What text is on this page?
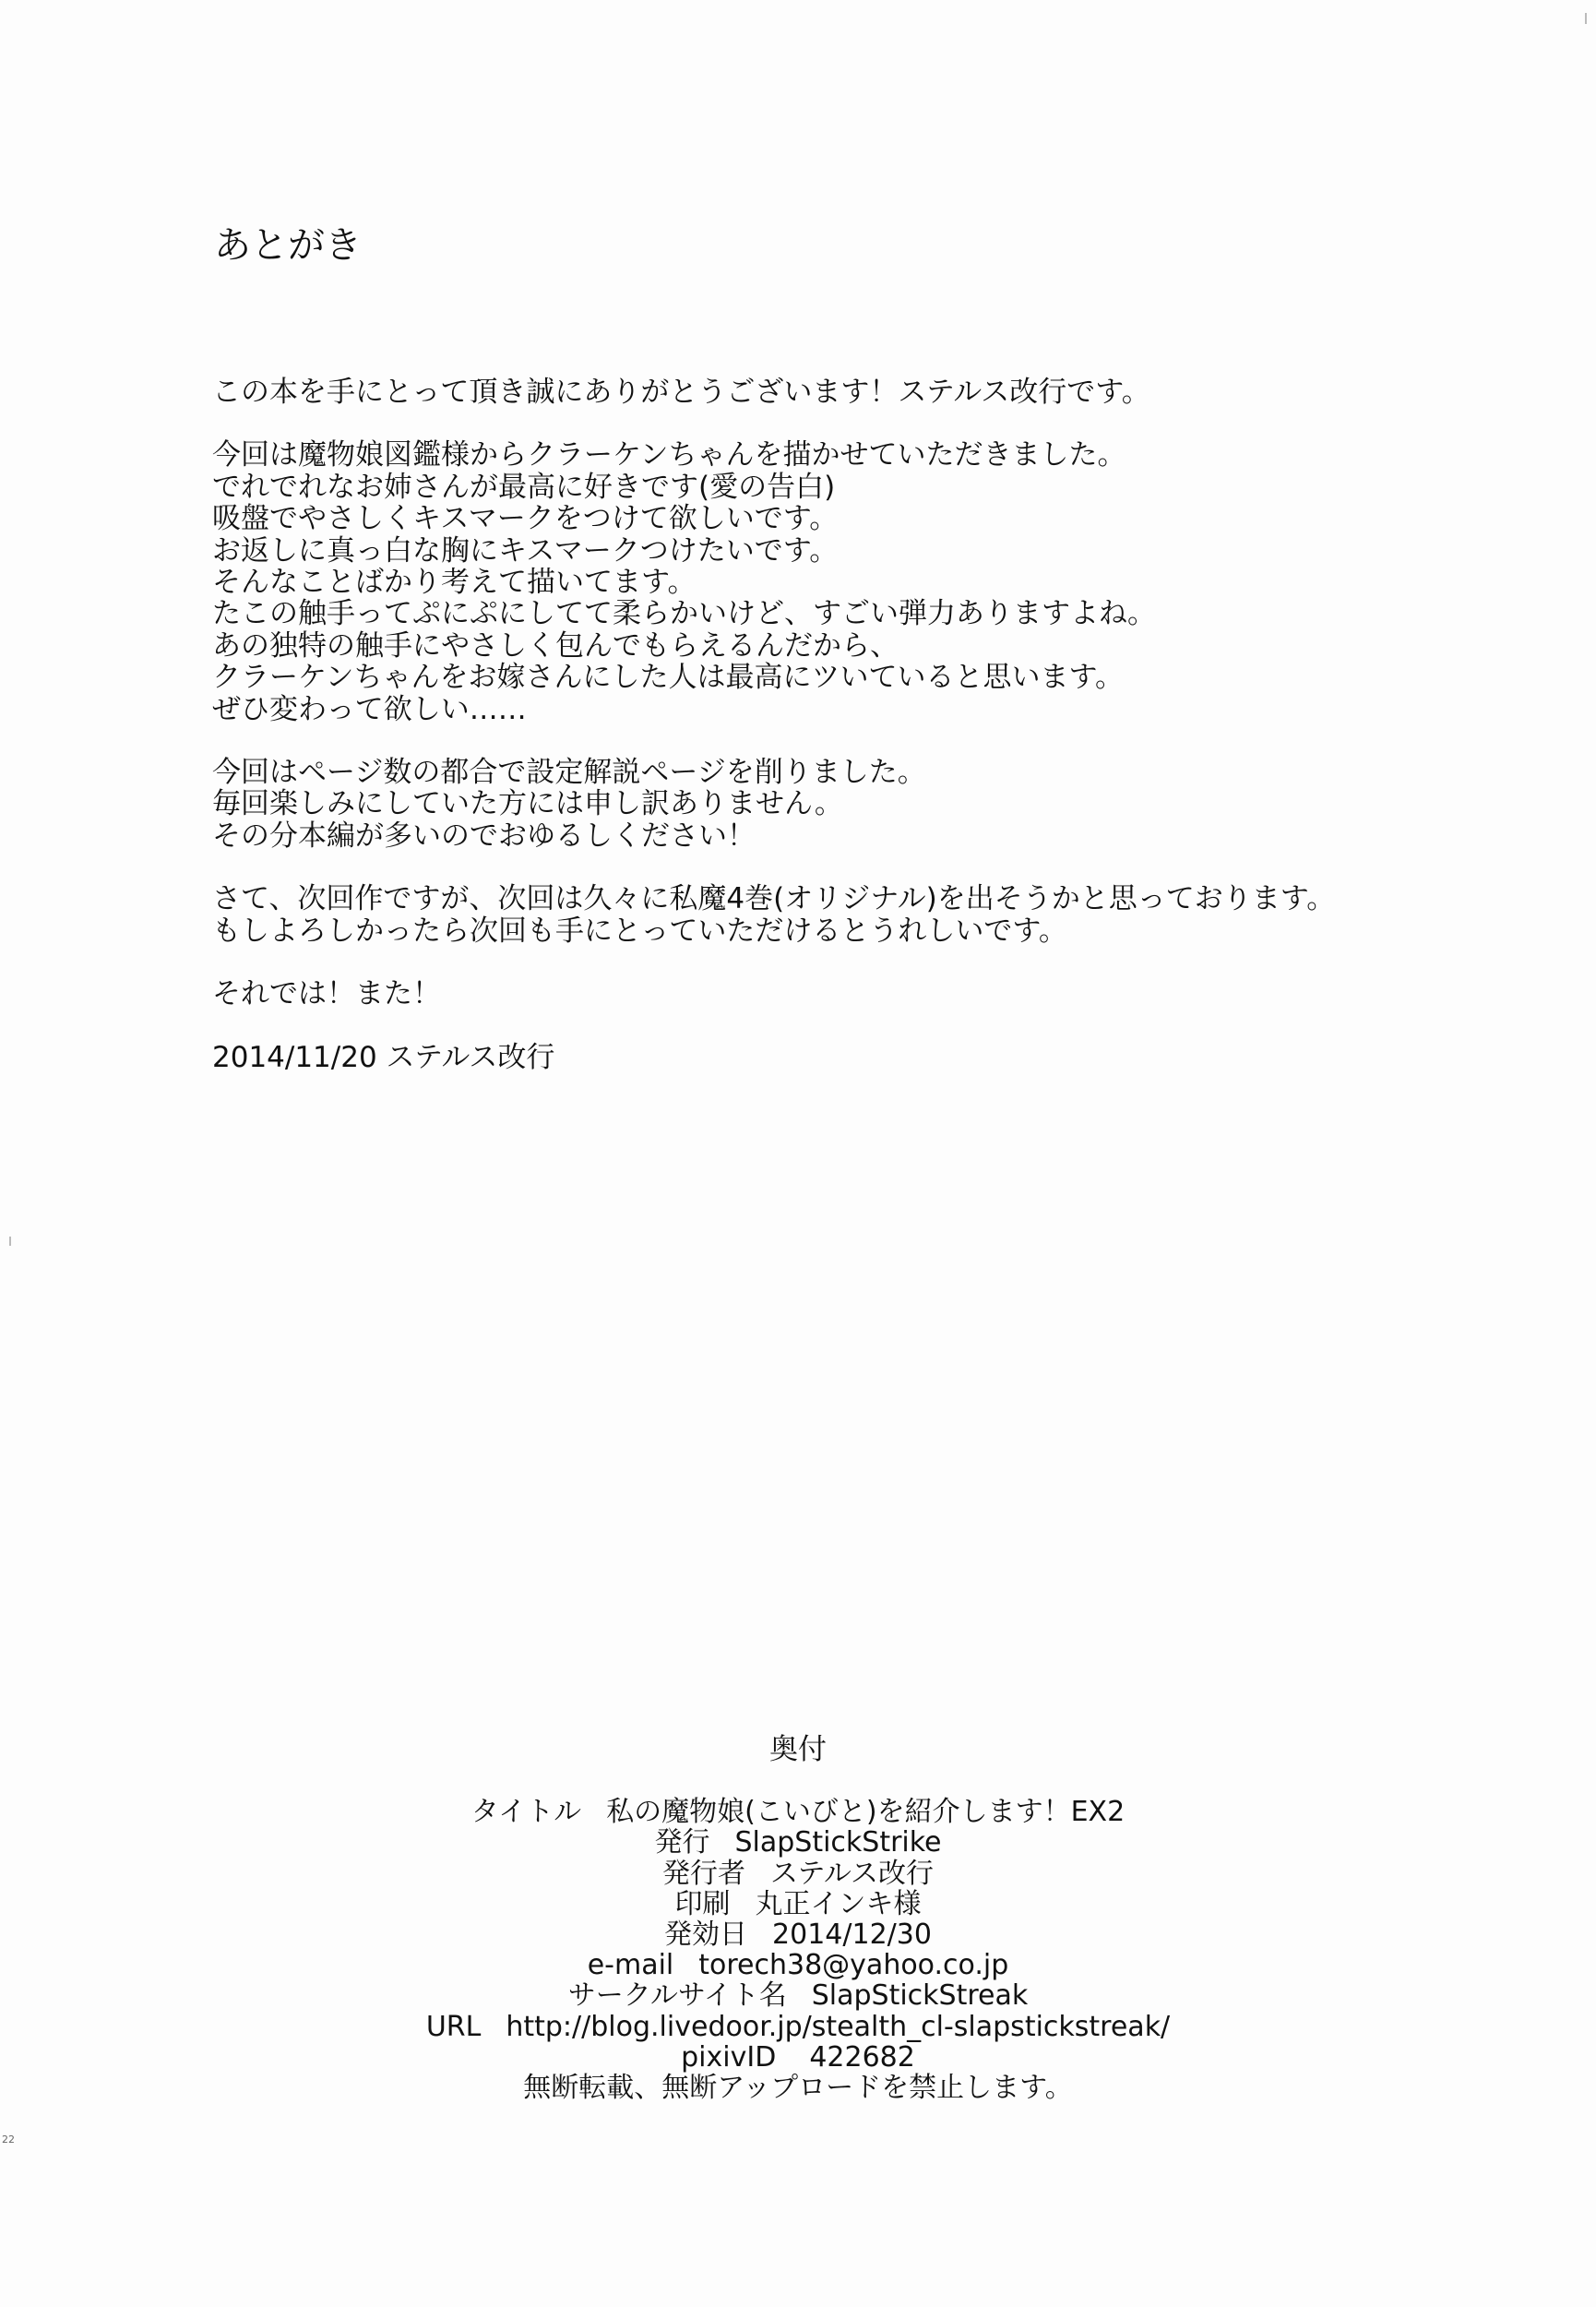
あとがき

この本を手にとって頂き誠にありがとうございます！ステルス改行です。

今回は魔物娘図鑑様からクラーケンちゃんを描かせていただきました。
でれでれなお姉さんが最高に好きです(愛の告白)
吸盤でやさしくキスマークをつけて欲しいです。
お返しに真っ白な胸にキスマークつけたいです。
そんなことばかり考えて描いてます。
たこの触手ってぷにぷにしてて柔らかいけど、すごい弾力ありますよね。
あの独特の触手にやさしく包んでもらえるんだから、
クラーケンちゃんをお嫁さんにした人は最高にツいていると思います。
ぜひ変わって欲しい……

今回はページ数の都合で設定解説ページを削りました。
毎回楽しみにしていた方には申し訳ありません。
その分本編が多いのでおゆるしください！

さて、次回作ですが、次回は久々に私魔4巻(オリジナル)を出そうかと思っております。
もしよろしかったら次回も手にとっていただけるとうれしいです。

それでは！また！

2014/11/20 ステルス改行

奥付
タイトル 私の魔物娘(こいびと)を紹介します！EX2
発行 SlapStickStrike
発行者 ステルス改行
印刷 丸正インキ様
発効日 2014/12/30
e-mail torech38@yahoo.co.jp
サークルサイト名 SlapStickStreak
URL http://blog.livedoor.jp/stealth_cl-slapstickstreak/
pixivID 422682
無断転載、無断アップロードを禁止します。
22
